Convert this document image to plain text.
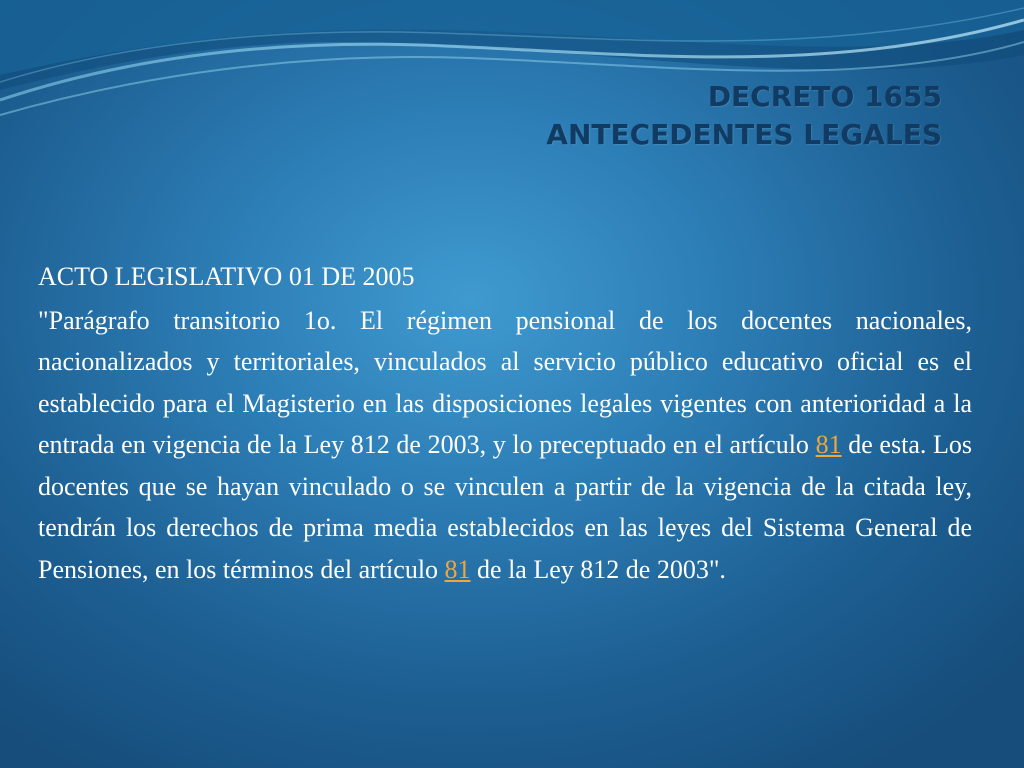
DECRETO 1655
ANTECEDENTES LEGALES
ACTO LEGISLATIVO 01 DE 2005

"Parágrafo transitorio 1o. El régimen pensional de los docentes nacionales, nacionalizados y territoriales, vinculados al servicio público educativo oficial es el establecido para el Magisterio en las disposiciones legales vigentes con anterioridad a la entrada en vigencia de la Ley 812 de 2003, y lo preceptuado en el artículo 81 de esta. Los docentes que se hayan vinculado o se vinculen a partir de la vigencia de la citada ley, tendrán los derechos de prima media establecidos en las leyes del Sistema General de Pensiones, en los términos del artículo 81 de la Ley 812 de 2003".
